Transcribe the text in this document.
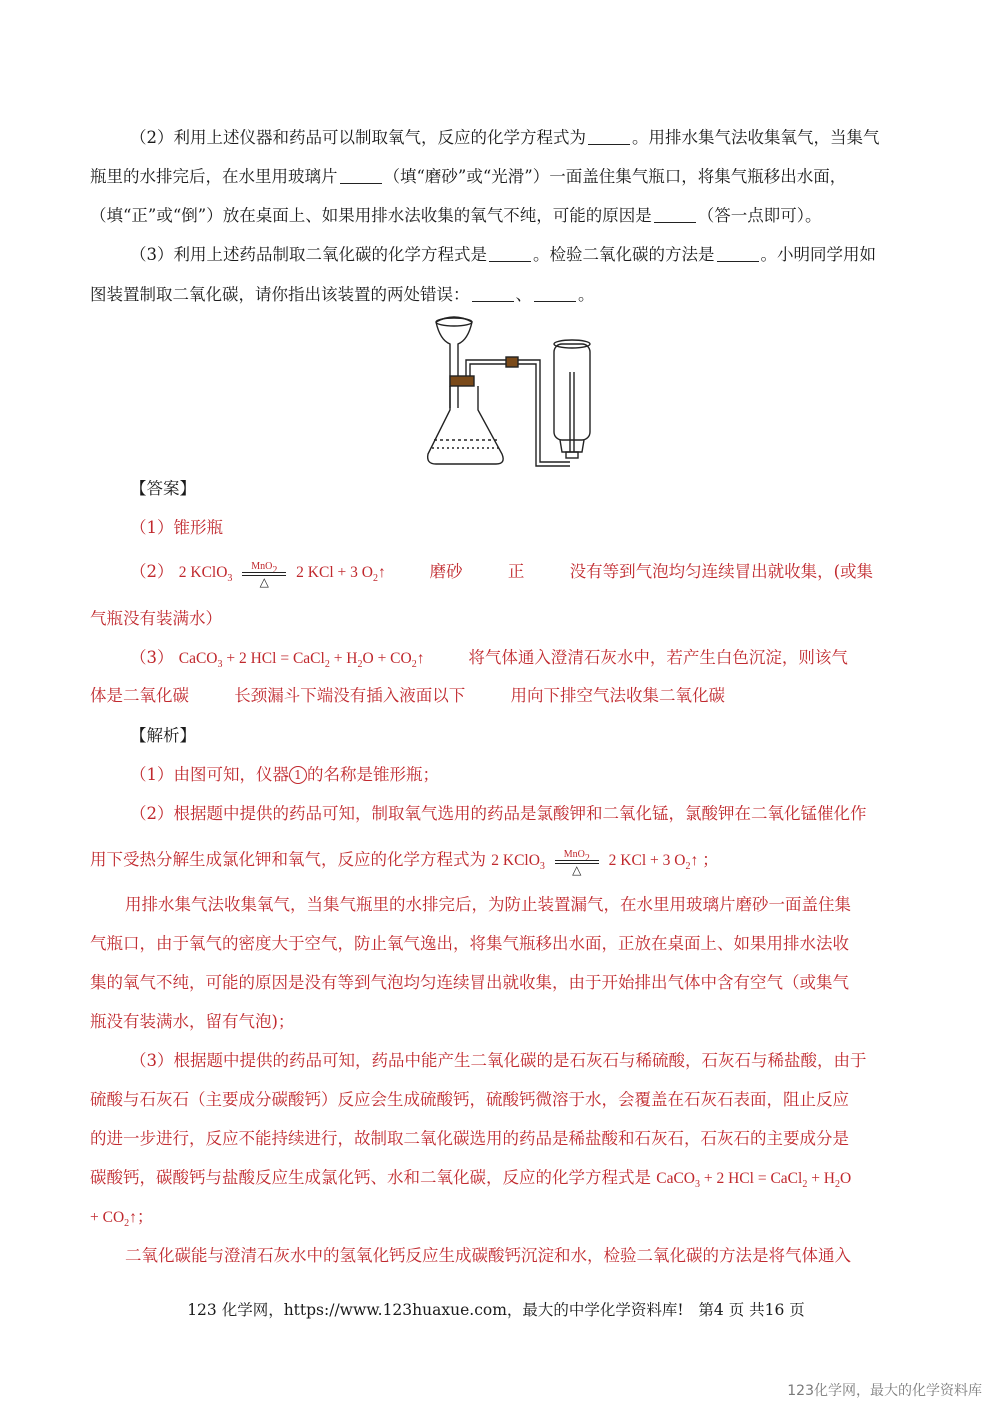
（2）利用上述仪器和药品可以制取氧气，反应的化学方程式为	。用排水集气法收集氧气，当集气
瓶里的水排完后，在水里用玻璃片	（填“磨砂”或“光滑”）一面盖住集气瓶口，将集气瓶移出水面，
（填“正”或“倒”）放在桌面上、如果用排水法收集的氧气不纯，可能的原因是	（答一点即可）。
（3）利用上述药品制取二氧化碳的化学方程式是	。检验二氧化碳的方法是	。小明同学用如
图装置制取二氧化碳，请你指出该装置的两处错误：	、	。
【答案】
（1）锥形瓶
（2） 2 KClO$_3$
MnO2
△
2 KCl + 3 $O_2↑$	磨砂	正	没有等到气泡均匀连续冒出就收集，(或集
气瓶没有装满水）
（3） CaCO$_3$ + 2 HCl = CaCl$_2$ + $H_2O$ + $CO_2↑$	将气体通入澄清石灰水中，若产生白色沉淀，则该气
体是二氧化碳	长颈漏斗下端没有插入液面以下	用向下排空气法收集二氧化碳
【解析】
（1）由图可知，仪器 1 的名称是锥形瓶；
（2）根据题中提供的药品可知，制取氧气选用的药品是氯酸钾和二氧化锰，氯酸钾在二氧化锰催化作
用下受热分解生成氯化钾和氧气，反应的化学方程式为 2 KClO$_3$
MnO2
△
2 KCl + 3 $O_2↑$ ；
用排水集气法收集氧气，当集气瓶里的水排完后，为防止装置漏气，在水里用玻璃片磨砂一面盖住集
气瓶口，由于氧气的密度大于空气，防止氧气逸出，将集气瓶移出水面，正放在桌面上、如果用排水法收
集的氧气不纯，可能的原因是没有等到气泡均匀连续冒出就收集，由于开始排出气体中含有空气（或集气
瓶没有装满水，留有气泡)；
（3）根据题中提供的药品可知，药品中能产生二氧化碳的是石灰石与稀硫酸，石灰石与稀盐酸，由于
硫酸与石灰石（主要成分碳酸钙）反应会生成硫酸钙，硫酸钙微溶于水，会覆盖在石灰石表面，阻止反应
的进一步进行，反应不能持续进行，故制取二氧化碳选用的药品是稀盐酸和石灰石，石灰石的主要成分是
碳酸钙，碳酸钙与盐酸反应生成氯化钙、水和二氧化碳，反应的化学方程式是 CaCO$_3$ + 2 HCl = CaCl$_2$ + $H_2O$
+ $CO_2↑$；
二氧化碳能与澄清石灰水中的氢氧化钙反应生成碳酸钙沉淀和水，检验二氧化碳的方法是将气体通入
123 化学网，https://www.123huaxue.com，最大的中学化学资料库! 第4 页 共16 页
123化学网，最大的化学资料库
